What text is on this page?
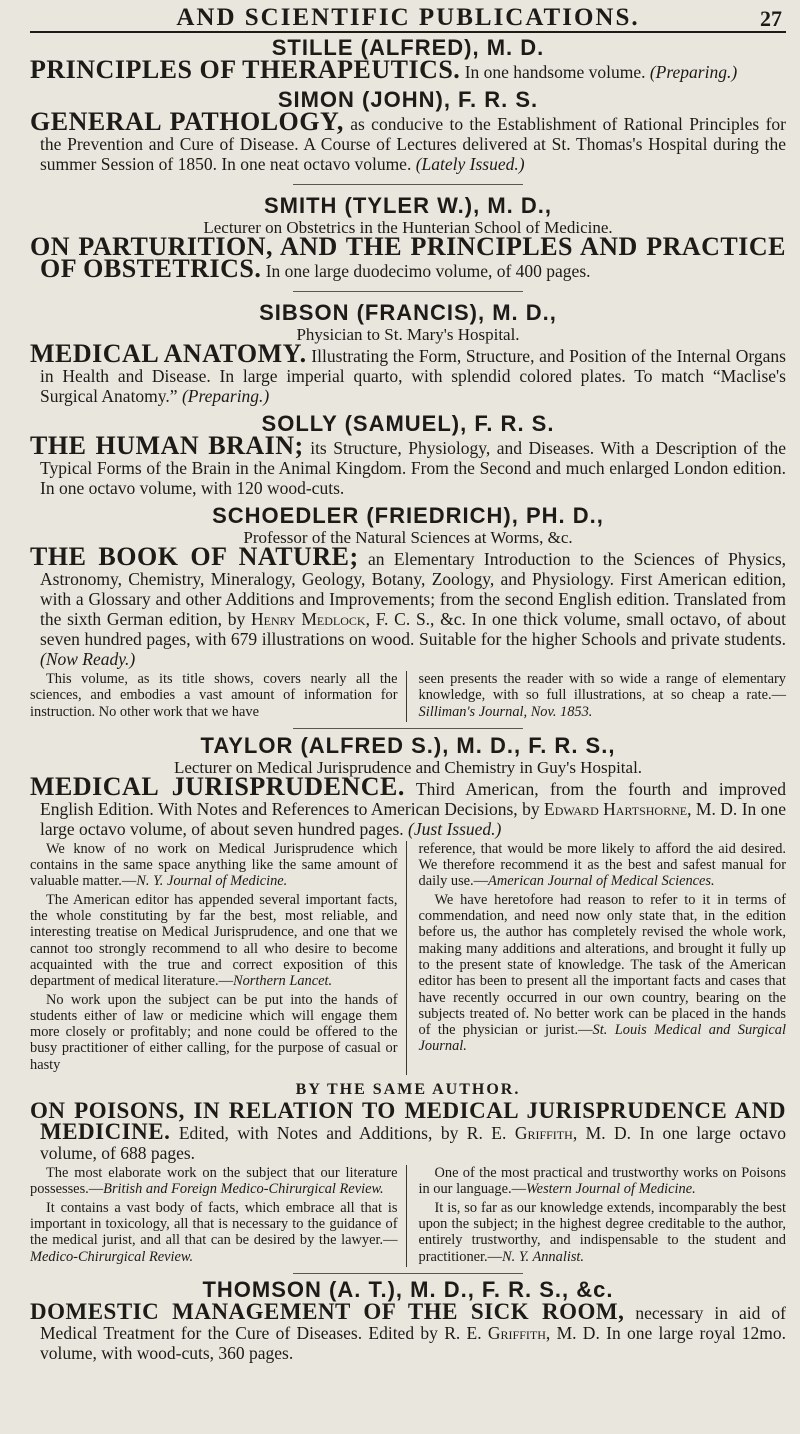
AND SCIENTIFIC PUBLICATIONS.	27
STILLE (ALFRED), M. D.

PRINCIPLES OF THERAPEUTICS. In one handsome volume. (Preparing.)

SIMON (JOHN), F. R. S.

GENERAL PATHOLOGY, as conducive to the Establishment of Rational Principles for the Prevention and Cure of Disease. A Course of Lectures delivered at St. Thomas's Hospital during the summer Session of 1850. In one neat octavo volume. (Lately Issued.)

SMITH (TYLER W.), M. D.,
Lecturer on Obstetrics in the Hunterian School of Medicine.

ON PARTURITION, AND THE PRINCIPLES AND PRACTICE OF OBSTETRICS. In one large duodecimo volume, of 400 pages.

SIBSON (FRANCIS), M. D.,
Physician to St. Mary's Hospital.

MEDICAL ANATOMY. Illustrating the Form, Structure, and Position of the Internal Organs in Health and Disease. In large imperial quarto, with splendid colored plates. To match “Maclise's Surgical Anatomy.” (Preparing.)

SOLLY (SAMUEL), F. R. S.

THE HUMAN BRAIN; its Structure, Physiology, and Diseases. With a Description of the Typical Forms of the Brain in the Animal Kingdom. From the Second and much enlarged London edition. In one octavo volume, with 120 wood-cuts.

SCHOEDLER (FRIEDRICH), PH. D.,
Professor of the Natural Sciences at Worms, &c.

THE BOOK OF NATURE; an Elementary Introduction to the Sciences of Physics, Astronomy, Chemistry, Mineralogy, Geology, Botany, Zoology, and Physiology. First American edition, with a Glossary and other Additions and Improvements; from the second English edition. Translated from the sixth German edition, by Henry Medlock, F. C. S., &c. In one thick volume, small octavo, of about seven hundred pages, with 679 illustrations on wood. Suitable for the higher Schools and private students. (Now Ready.)

This volume, as its title shows, covers nearly all the sciences, and embodies a vast amount of information for instruction. No other work that we have

seen presents the reader with so wide a range of elementary knowledge, with so full illustrations, at so cheap a rate.—Silliman's Journal, Nov. 1853.

TAYLOR (ALFRED S.), M. D., F. R. S.,
Lecturer on Medical Jurisprudence and Chemistry in Guy's Hospital.

MEDICAL JURISPRUDENCE. Third American, from the fourth and improved English Edition. With Notes and References to American Decisions, by Edward Hartshorne, M. D. In one large octavo volume, of about seven hundred pages. (Just Issued.)

We know of no work on Medical Jurisprudence which contains in the same space anything like the same amount of valuable matter.—N. Y. Journal of Medicine.

The American editor has appended several important facts, the whole constituting by far the best, most reliable, and interesting treatise on Medical Jurisprudence, and one that we cannot too strongly recommend to all who desire to become acquainted with the true and correct exposition of this department of medical literature.—Northern Lancet.

No work upon the subject can be put into the hands of students either of law or medicine which will engage them more closely or profitably; and none could be offered to the busy practitioner of either calling, for the purpose of casual or hasty

reference, that would be more likely to afford the aid desired. We therefore recommend it as the best and safest manual for daily use.—American Journal of Medical Sciences.

We have heretofore had reason to refer to it in terms of commendation, and need now only state that, in the edition before us, the author has completely revised the whole work, making many additions and alterations, and brought it fully up to the present state of knowledge. The task of the American editor has been to present all the important facts and cases that have recently occurred in our own country, bearing on the subjects treated of. No better work can be placed in the hands of the physician or jurist.—St. Louis Medical and Surgical Journal.

BY THE SAME AUTHOR.

ON POISONS, IN RELATION TO MEDICAL JURISPRUDENCE AND MEDICINE. Edited, with Notes and Additions, by R. E. Griffith, M. D. In one large octavo volume, of 688 pages.

The most elaborate work on the subject that our literature possesses.—British and Foreign Medico-Chirurgical Review.

It contains a vast body of facts, which embrace all that is important in toxicology, all that is necessary to the guidance of the medical jurist, and all that can be desired by the lawyer.—Medico-Chirurgical Review.

One of the most practical and trustworthy works on Poisons in our language.—Western Journal of Medicine.

It is, so far as our knowledge extends, incomparably the best upon the subject; in the highest degree creditable to the author, entirely trustworthy, and indispensable to the student and practitioner.—N. Y. Annalist.

THOMSON (A. T.), M. D., F. R. S., &c.

DOMESTIC MANAGEMENT OF THE SICK ROOM, necessary in aid of Medical Treatment for the Cure of Diseases. Edited by R. E. Griffith, M. D. In one large royal 12mo. volume, with wood-cuts, 360 pages.
